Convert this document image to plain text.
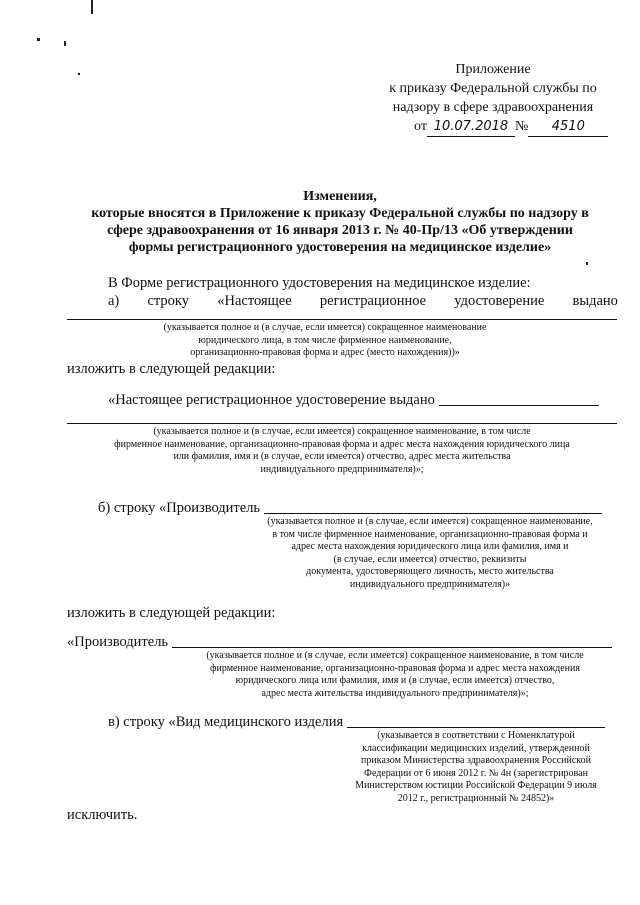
Приложение
к приказу Федеральной службы по
надзору в сфере здравоохранения
от 10.07.2018 № 4510
Изменения,
которые вносятся в Приложение к приказу Федеральной службы по надзору в
сфере здравоохранения от 16 января 2013 г. № 40-Пр/13 «Об утверждении
формы регистрационного удостоверения на медицинское изделие»
В Форме регистрационного удостоверения на медицинское изделие:
а) строку «Настоящее регистрационное удостоверение выдано
(указывается полное и (в случае, если имеется) сокращенное наименование
юридического лица, в том числе фирменное наименование,
организационно-правовая форма и адрес (место нахождения))»
изложить в следующей редакции:
«Настоящее регистрационное удостоверение выдано
(указывается полное и (в случае, если имеется) сокращенное наименование, в том числе
фирменное наименование, организационно-правовая форма и адрес места нахождения юридического лица
или фамилия, имя и (в случае, если имеется) отчество, адрес места жительства
индивидуального предпринимателя)»;
б) строку «Производитель
(указывается полное и (в случае, если имеется) сокращенное наименование,
в том числе фирменное наименование, организационно-правовая форма и
адрес места нахождения юридического лица или фамилия, имя и
(в случае, если имеется) отчество, реквизиты
документа, удостоверяющего личность, место жительства
индивидуального предпринимателя)»
изложить в следующей редакции:
«Производитель
(указывается полное и (в случае, если имеется) сокращенное наименование, в том числе
фирменное наименование, организационно-правовая форма и адрес места нахождения
юридического лица или фамилия, имя и (в случае, если имеется) отчество,
адрес места жительства индивидуального предпринимателя)»;
в) строку «Вид медицинского изделия
(указывается в соответствии с Номенклатурой
классификации медицинских изделий, утвержденной
приказом Министерства здравоохранения Российской
Федерации от 6 июня 2012 г. № 4н (зарегистрирован
Министерством юстиции Российской Федерации 9 июля
2012 г., регистрационный № 24852)»
исключить.
